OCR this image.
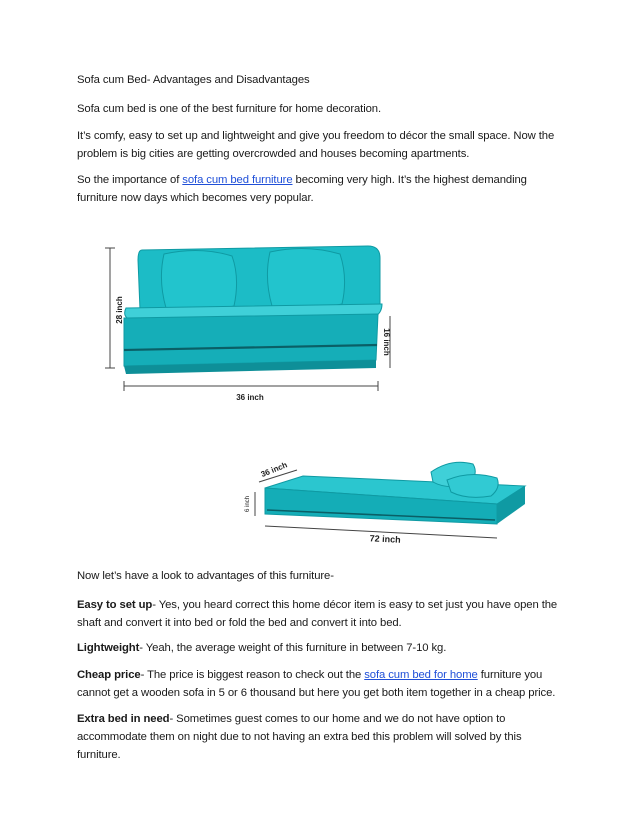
Sofa cum Bed- Advantages and Disadvantages

Sofa cum bed is one of the best furniture for home decoration.

It’s comfy, easy to set up and lightweight and give you freedom to décor the small space. Now the problem is big cities are getting overcrowded and houses becoming apartments.

So the importance of sofa cum bed furniture becoming very high. It’s the highest demanding furniture now days which becomes very popular.

28 inch
16 inch
36 inch
36 inch
6 inch
72 inch

Now let’s have a look to advantages of this furniture-

Easy to set up- Yes, you heard correct this home décor item is easy to set just you have open the shaft and convert it into bed or fold the bed and convert it into bed.

Lightweight- Yeah, the average weight of this furniture in between 7-10 kg.

Cheap price- The price is biggest reason to check out the sofa cum bed for home furniture you cannot get a wooden sofa in 5 or 6 thousand but here you get both item together in a cheap price.

Extra bed in need- Sometimes guest comes to our home and we do not have option to accommodate them on night due to not having an extra bed this problem will solved by this furniture.
